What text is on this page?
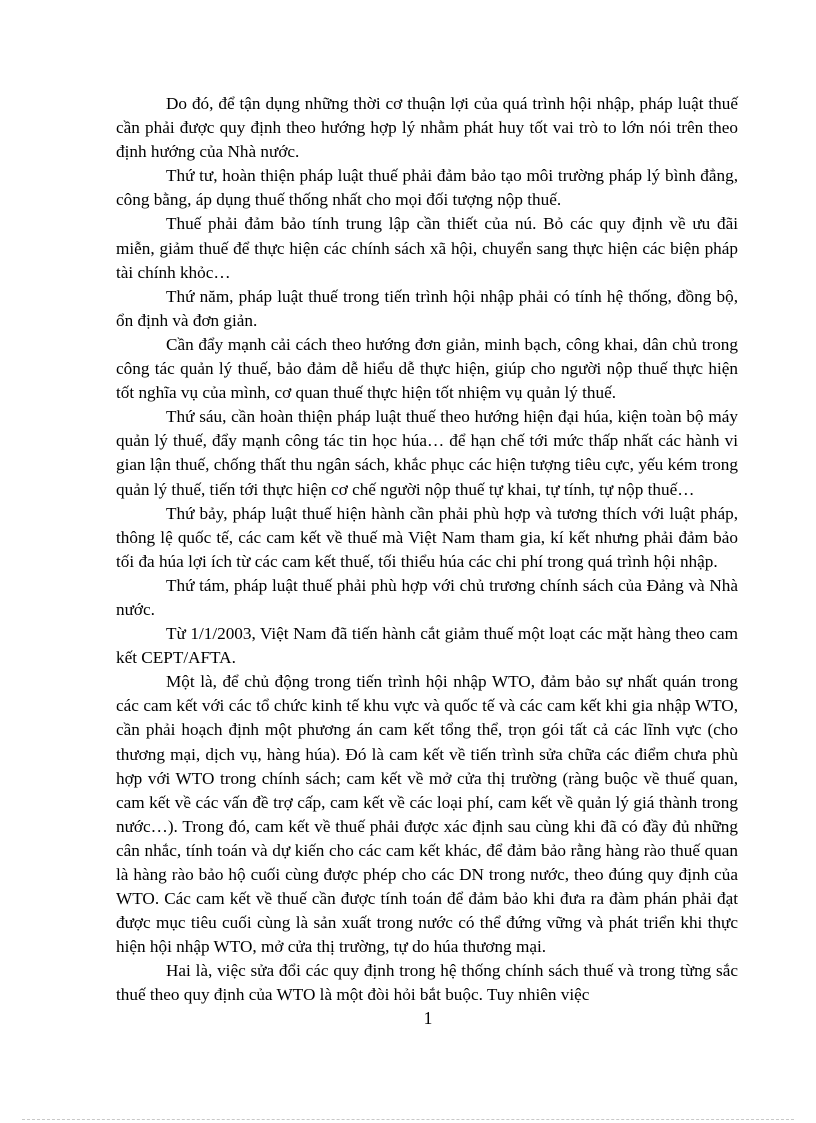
Do đó, để tận dụng những thời cơ thuận lợi của quá trình hội nhập, pháp luật thuế cần phải được quy định theo hướng hợp lý nhằm phát huy tốt vai trò to lớn nói trên theo định hướng của Nhà nước.

Thứ tư, hoàn thiện pháp luật thuế phải đảm bảo tạo môi trường pháp lý bình đẳng, công bằng, áp dụng thuế thống nhất cho mọi đối tượng nộp thuế.

Thuế phải đảm bảo tính trung lập cần thiết của nú. Bỏ các quy định về ưu đãi miễn, giảm thuế để thực hiện các chính sách xã hội, chuyển sang thực hiện các biện pháp tài chính khỏc…

Thứ năm, pháp luật thuế trong tiến trình hội nhập phải có tính hệ thống, đồng bộ, ổn định và đơn giản.

Cần đẩy mạnh cải cách theo hướng đơn giản, minh bạch, công khai, dân chủ trong công tác quản lý thuế, bảo đảm dễ hiểu dễ thực hiện, giúp cho người nộp thuế thực hiện tốt nghĩa vụ của mình, cơ quan thuế thực hiện tốt nhiệm vụ quản lý thuế.

Thứ sáu, cần hoàn thiện pháp luật thuế theo hướng hiện đại húa, kiện toàn bộ máy quản lý thuế, đẩy mạnh công tác tin học húa… để hạn chế tới mức thấp nhất các hành vi gian lận thuế, chống thất thu ngân sách, khắc phục các hiện tượng tiêu cực, yếu kém trong quản lý thuế, tiến tới thực hiện cơ chế người nộp thuế tự khai, tự tính, tự nộp thuế…

Thứ bảy, pháp luật thuế hiện hành cần phải phù hợp và tương thích với luật pháp, thông lệ quốc tế, các cam kết về thuế mà Việt Nam tham gia, kí kết nhưng phải đảm bảo tối đa húa lợi ích từ các cam kết thuế, tối thiểu húa các chi phí trong quá trình hội nhập.

Thứ tám, pháp luật thuế phải phù hợp với chủ trương chính sách của Đảng và Nhà nước.

Từ 1/1/2003, Việt Nam đã tiến hành cắt giảm thuế một loạt các mặt hàng theo cam kết CEPT/AFTA.

Một là, để chủ động trong tiến trình hội nhập WTO, đảm bảo sự nhất quán trong các cam kết với các tổ chức kinh tế khu vực và quốc tế và các cam kết khi gia nhập WTO, cần phải hoạch định một phương án cam kết tổng thể, trọn gói tất cả các lĩnh vực (cho thương mại, dịch vụ, hàng húa). Đó là cam kết về tiến trình sửa chữa các điểm chưa phù hợp với WTO trong chính sách; cam kết về mở cửa thị trường (ràng buộc về thuế quan, cam kết về các vấn đề trợ cấp, cam kết về các loại phí, cam kết về quản lý giá thành trong nước…). Trong đó, cam kết về thuế phải được xác định sau cùng khi đã có đầy đủ những cân nhắc, tính toán và dự kiến cho các cam kết khác, để đảm bảo rằng hàng rào thuế quan là hàng rào bảo hộ cuối cùng được phép cho các DN trong nước, theo đúng quy định của WTO. Các cam kết về thuế cần được tính toán để đảm bảo khi đưa ra đàm phán phải đạt được mục tiêu cuối cùng là sản xuất trong nước có thể đứng vững và phát triển khi thực hiện hội nhập WTO, mở cửa thị trường, tự do húa thương mại.

Hai là, việc sửa đổi các quy định trong hệ thống chính sách thuế và trong từng sắc thuế theo quy định của WTO là một đòi hỏi bắt buộc. Tuy nhiên việc

1
